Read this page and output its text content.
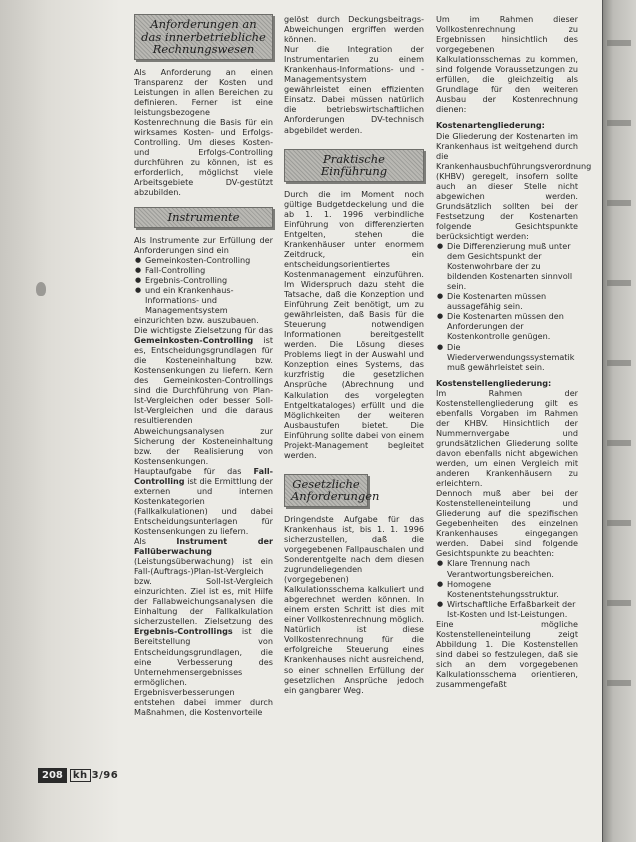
Anforderungen an das innerbetriebliche Rechnungswesen

Als Anforderung an einen Transparenz der Kosten und Leistungen in allen Bereichen zu definieren. Ferner ist eine leistungsbezogene Kostenrechnung die Basis für ein wirksames Kosten- und Erfolgs-Controlling. Um dieses Kosten- und Erfolgs-Controlling durchführen zu können, ist es erforderlich, möglichst viele Arbeitsgebiete DV-gestützt abzubilden.

Instrumente

Als Instrumente zur Erfüllung der Anforderungen sind ein

● Gemeinkosten-Controlling
● Fall-Controlling
● Ergebnis-Controlling
● und ein Krankenhaus-Informations- und Managementsystem

einzurichten bzw. auszubauen.

Die wichtigste Zielsetzung für das Gemeinkosten-Controlling ist es, Entscheidungsgrundlagen für die Kosteneinhaltung bzw. Kostensenkungen zu liefern. Kern des Gemeinkosten-Controllings sind die Durchführung von Plan-Ist-Vergleichen oder besser Soll-Ist-Vergleichen und die daraus resultierenden Abweichungsanalysen zur Sicherung der Kosteneinhaltung bzw. der Realisierung von Kostensenkungen.

Hauptaufgabe für das Fall-Controlling ist die Ermittlung der externen und internen Kostenkategorien (Fallkalkulationen) und dabei Entscheidungsunterlagen für Kostensenkungen zu liefern.

Als	Instrument der Fallüberwachung (Leistungsüberwachung) ist ein Fall-(Auftrags-)Plan-Ist-Vergleich bzw. Soll-Ist-Vergleich einzurichten. Ziel ist es, mit Hilfe der Fallabweichungsanalysen die Einhaltung der Fallkalkulation sicherzustellen. Zielsetzung des Ergebnis-Controllings ist die Bereitstellung von Entscheidungsgrundlagen, die eine Verbesserung des Unternehmensergebnisses ermöglichen. Ergebnisverbesserungen entstehen dabei immer durch Maßnahmen, die Kostenvorteile

gelöst durch Deckungsbeitrags-Abweichungen ergriffen werden können.

Nur die Integration der Instrumentarien zu einem Krankenhaus-Informations- und -Managementsystem gewährleistet einen effizienten Einsatz. Dabei müssen natürlich die betriebswirtschaftlichen Anforderungen DV-technisch abgebildet werden.

Praktische Einführung

Durch die im Moment noch gültige Budgetdeckelung und die ab 1. 1. 1996 verbindliche Einführung von differenzierten Entgelten, stehen die Krankenhäuser unter enormem Zeitdruck, ein entscheidungsorientiertes Kostenmanagement einzuführen. Im Widerspruch dazu steht die Tatsache, daß die Konzeption und Einführung Zeit benötigt, um zu gewährleisten, daß Basis für die Steuerung notwendigen Informationen bereitgestellt werden. Die Lösung dieses Problems liegt in der Auswahl und Konzeption eines Systems, das kurzfristig die gesetzlichen Ansprüche (Abrechnung und Kalkulation des vorgelegten Entgeltkataloges) erfüllt und die Möglichkeiten der weiteren Ausbaustufen bietet. Die Einführung sollte dabei von einem Projekt-Management begleitet werden.

Gesetzliche Anforderungen

Dringendste Aufgabe für das Krankenhaus ist, bis 1. 1. 1996 sicherzustellen, daß die vorgegebenen Fallpauschalen und Sonderentgelte nach dem diesen zugrundeliegenden (vorgegebenen) Kalkulationsschema kalkuliert und abgerechnet werden können. In einem ersten Schritt ist dies mit einer Vollkostenrechnung möglich. Natürlich ist diese Vollkostenrechnung für die erfolgreiche Steuerung eines Krankenhauses nicht ausreichend, so einer schnellen Erfüllung der gesetzlichen Ansprüche jedoch ein gangbarer Weg.

Um im Rahmen dieser Vollkostenrechnung zu Ergebnissen hinsichtlich des vorgegebenen Kalkulationsschemas zu kommen, sind folgende Voraussetzungen zu erfüllen, die gleichzeitig als Grundlage für den weiteren Ausbau der Kostenrechnung dienen:

Kostenartengliederung:

Die Gliederung der Kostenarten im Krankenhaus ist weitgehend durch die Krankenhausbuchführungsverordnung (KHBV) geregelt, insofern sollte auch an dieser Stelle nicht abgewichen werden. Grundsätzlich sollten bei der Festsetzung der Kostenarten folgende Gesichtspunkte berücksichtigt werden:

● Die Differenzierung muß unter dem Gesichtspunkt der Kostenwohrbare der zu bildenden Kostenarten sinnvoll sein.
● Die Kostenarten müssen aussagefähig sein.
● Die Kostenarten müssen den Anforderungen der Kostenkontrolle genügen.
● Die Wiederverwendungssystematik muß gewährleistet sein.
Kostenstellengliederung:

Im Rahmen der Kostenstellengliederung gilt es ebenfalls Vorgaben im Rahmen der KHBV. Hinsichtlich der Nummernvergabe und grundsätzlichen Gliederung sollte davon ebenfalls nicht abgewichen werden, um einen Vergleich mit anderen Krankenhäusern zu erleichtern.

Dennoch muß aber bei der Kostenstelleneinteilung und Gliederung auf die spezifischen Gegebenheiten des einzelnen Krankenhauses eingegangen werden. Dabei sind folgende Gesichtspunkte zu beachten:

● Klare Trennung nach Verantwortungsbereichen.
● Homogene Kostenentstehungsstruktur.
● Wirtschaftliche Erfaßbarkeit der Ist-Kosten und Ist-Leistungen.

Eine mögliche Kostenstelleneinteilung zeigt Abbildung 1. Die Kostenstellen sind dabei so festzulegen, daß sie sich an dem vorgegebenen Kalkulationsschema orientieren, zusammengefaßt

208	kh 3/96
